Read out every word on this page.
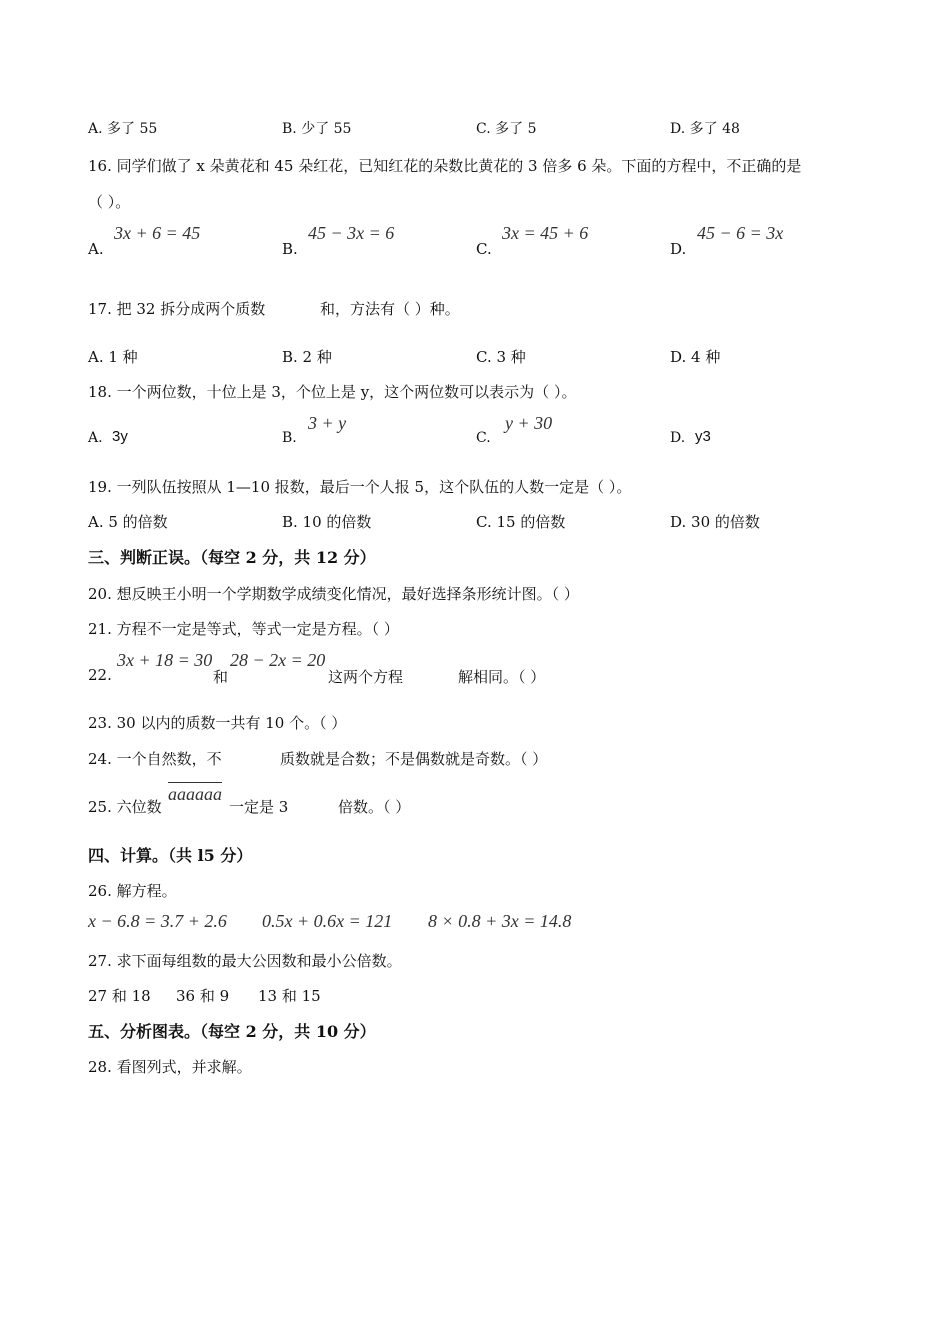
A. 多了 55	B. 少了 55	C. 多了 5	D. 多了 48
16. 同学们做了 x 朵黄花和 45 朵红花，已知红花的朵数比黄花的 3 倍多 6 朵。下面的方程中，不正确的是
（ ）。
A.
3x + 6 = 45
B.
45 − 3x = 6
C.
3x = 45 + 6
D.
45 − 6 = 3x
17. 把 32 拆分成两个质数	和，方法有（ ）种。
A. 1 种	B. 2 种	C. 3 种	D. 4 种
18. 一个两位数，十位上是 3，个位上是 y，这个两位数可以表示为（ ）。
A. 3y	B.
3 + y
C.
y + 30
D. y3
19. 一列队伍按照从 1—10 报数，最后一个人报 5，这个队伍的人数一定是（ ）。
A. 5 的倍数	B. 10 的倍数	C. 15 的倍数	D. 30 的倍数
三、判断正误。（每空 2 分，共 12 分）
20. 想反映王小明一个学期数学成绩变化情况，最好选择条形统计图。（ ）
21. 方程不一定是等式，等式一定是方程。（ ）
22.
3x + 18 = 30
和
28 − 2x = 20
这两个方程	解相同。（ ）
23. 30 以内的质数一共有 10 个。（ ）
24. 一个自然数，不	质数就是合数；不是偶数就是奇数。（ ）
25. 六位数
aaaaaa
一定是 3	倍数。（ ）
四、计算。（共 l5 分）
26. 解方程。
x − 6.8 = 3.7 + 2.6 0.5x + 0.6x = 121 8 × 0.8 + 3x = 14.8
27. 求下面每组数的最大公因数和最小公倍数。
27 和 18 36 和 9 13 和 15
五、分析图表。（每空 2 分，共 10 分）
28. 看图列式，并求解。
